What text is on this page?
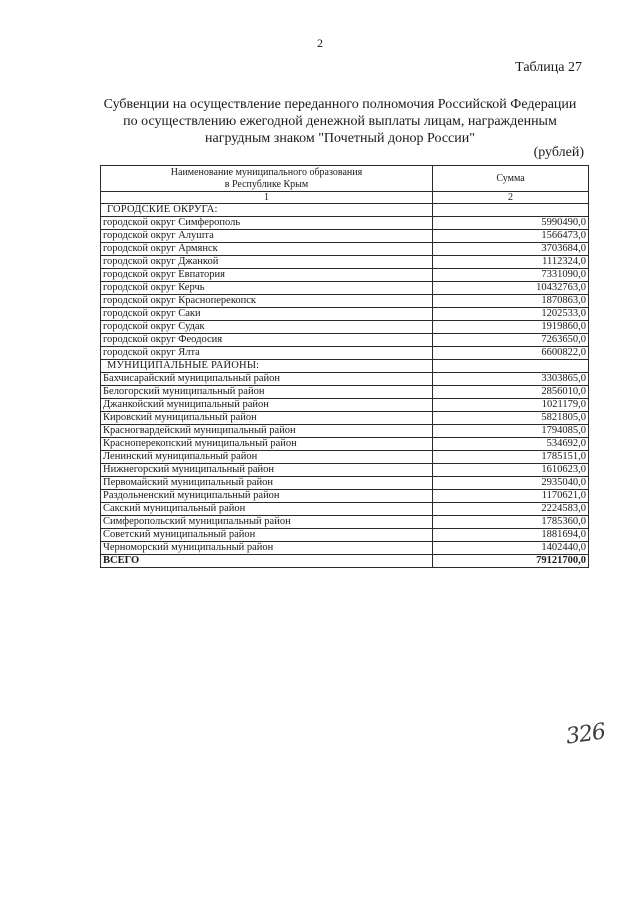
2
Таблица 27
Субвенции на осуществление переданного полномочия Российской Федерации
по осуществлению ежегодной денежной выплаты лицам, награжденным
нагрудным знаком "Почетный донор России"
(рублей)
Наименование муниципального образования
в Республике Крым	Сумма
1	2
ГОРОДСКИЕ ОКРУГА:	
городской округ Симферополь	5990490,0
городской округ Алушта	1566473,0
городской округ Армянск	3703684,0
городской округ Джанкой	1112324,0
городской округ Евпатория	7331090,0
городской округ Керчь	10432763,0
городской округ Красноперекопск	1870863,0
городской округ Саки	1202533,0
городской округ Судак	1919860,0
городской округ Феодосия	7263650,0
городской округ Ялта	6600822,0
МУНИЦИПАЛЬНЫЕ РАЙОНЫ:	
Бахчисарайский муниципальный район	3303865,0
Белогорский муниципальный район	2856010,0
Джанкойский муниципальный район	1021179,0
Кировский муниципальный район	5821805,0
Красногвардейский муниципальный район	1794085,0
Красноперекопский муниципальный район	534692,0
Ленинский муниципальный район	1785151,0
Нижнегорский муниципальный район	1610623,0
Первомайский муниципальный район	2935040,0
Раздольненский муниципальный район	1170621,0
Сакский муниципальный район	2224583,0
Симферопольский муниципальный район	1785360,0
Советский муниципальный район	1881694,0
Черноморский муниципальный район	1402440,0
ВСЕГО	79121700,0
326
